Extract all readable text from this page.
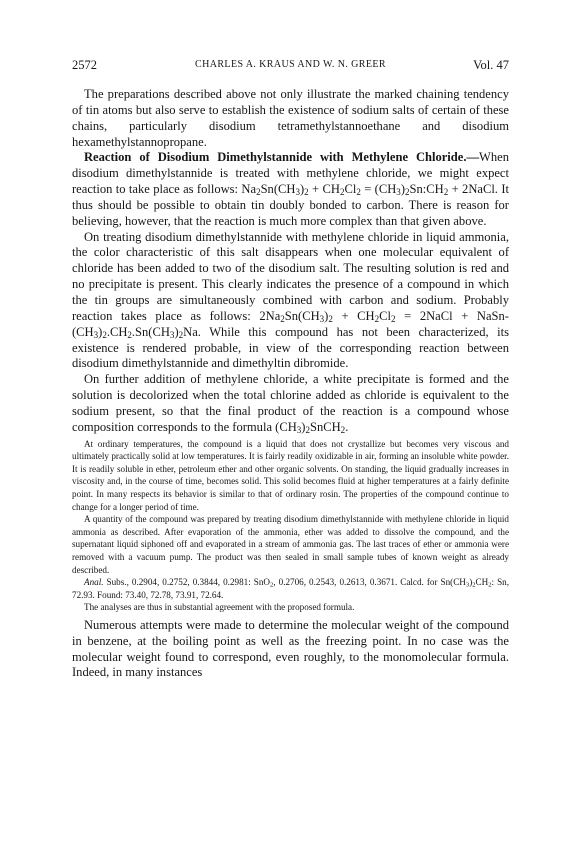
2572	CHARLES A. KRAUS AND W. N. GREER	Vol. 47

The preparations described above not only illustrate the marked chaining tendency of tin atoms but also serve to establish the existence of sodium salts of certain of these chains, particularly disodium tetramethylstannoethane and disodium hexamethylstannopropane.

Reaction of Disodium Dimethylstannide with Methylene Chloride.—When disodium dimethylstannide is treated with methylene chloride, we might expect reaction to take place as follows: $Na_2Sn(CH_3)_2 + CH_2Cl_2$ = $(CH_3)_2Sn:CH_2$ + 2NaCl. It thus should be possible to obtain tin doubly bonded to carbon. There is reason for believing, however, that the reaction is much more complex than that given above.

On treating disodium dimethylstannide with methylene chloride in liquid ammonia, the color characteristic of this salt disappears when one molecular equivalent of chloride has been added to two of the disodium salt. The resulting solution is red and no precipitate is present. This clearly indicates the presence of a compound in which the tin groups are simultaneously combined with carbon and sodium. Probably reaction takes place as follows: $2Na_2Sn(CH_3)_2 + CH_2Cl_2$ = 2NaCl + NaSn-$(CH_3)_2.CH_2.Sn(CH_3)_2Na$. While this compound has not been characterized, its existence is rendered probable, in view of the corresponding reaction between disodium dimethylstannide and dimethyltin dibromide.

On further addition of methylene chloride, a white precipitate is formed and the solution is decolorized when the total chlorine added as chloride is equivalent to the sodium present, so that the final product of the reaction is a compound whose composition corresponds to the formula $(CH_3)_2SnCH_2$.

At ordinary temperatures, the compound is a liquid that does not crystallize but becomes very viscous and ultimately practically solid at low temperatures. It is fairly readily oxidizable in air, forming an insoluble white powder. It is readily soluble in ether, petroleum ether and other organic solvents. On standing, the liquid gradually increases in viscosity and, in the course of time, becomes solid. This solid becomes fluid at higher temperatures at a fairly definite point. In many respects its behavior is similar to that of ordinary rosin. The properties of the compound continue to change for a longer period of time.

A quantity of the compound was prepared by treating disodium dimethylstannide with methylene chloride in liquid ammonia as described. After evaporation of the ammonia, ether was added to dissolve the compound, and the supernatant liquid siphoned off and evaporated in a stream of ammonia gas. The last traces of ether or ammonia were removed with a vacuum pump. The product was then sealed in small sample tubes of known weight as already described.

Anal. Subs., 0.2904, 0.2752, 0.3844, 0.2981: SnO$_2$, 0.2706, 0.2543, 0.2613, 0.3671. Calcd. for $Sn(CH_3)_2CH_2$: Sn, 72.93. Found: 73.40, 72.78, 73.91, 72.64.

The analyses are thus in substantial agreement with the proposed formula.

Numerous attempts were made to determine the molecular weight of the compound in benzene, at the boiling point as well as the freezing point. In no case was the molecular weight found to correspond, even roughly, to the monomolecular formula. Indeed, in many instances
